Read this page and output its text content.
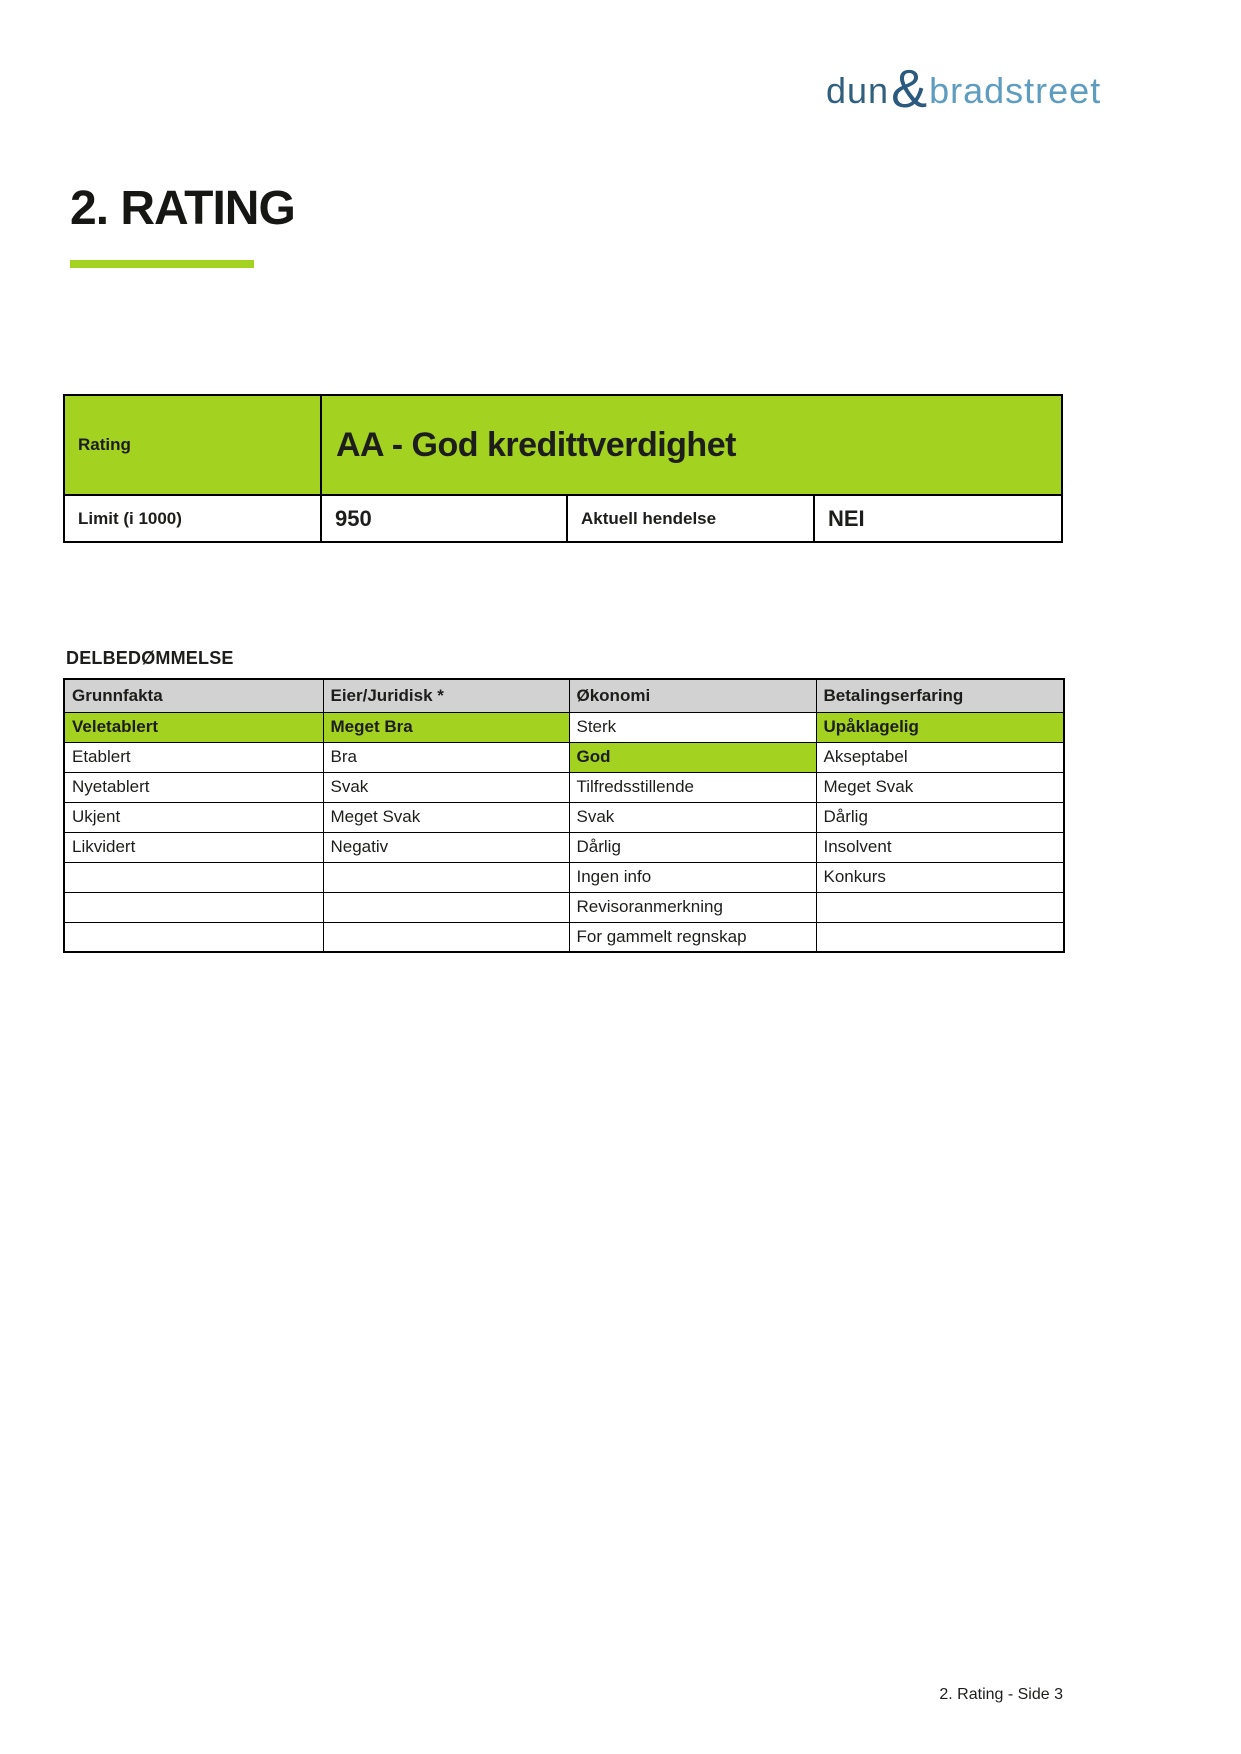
dun & bradstreet
2. RATING
Rating	AA - God kredittverdighet
Limit (i 1000)	950	Aktuell hendelse	NEI
DELBEDØMMELSE
Grunnfakta	Eier/Juridisk *	Økonomi	Betalingserfaring
Veletablert	Meget Bra	Sterk	Upåklagelig
Etablert	Bra	God	Akseptabel
Nyetablert	Svak	Tilfredsstillende	Meget Svak
Ukjent	Meget Svak	Svak	Dårlig
Likvidert	Negativ	Dårlig	Insolvent
		Ingen info	Konkurs
		Revisoranmerkning	
		For gammelt regnskap	
2. Rating - Side 3
